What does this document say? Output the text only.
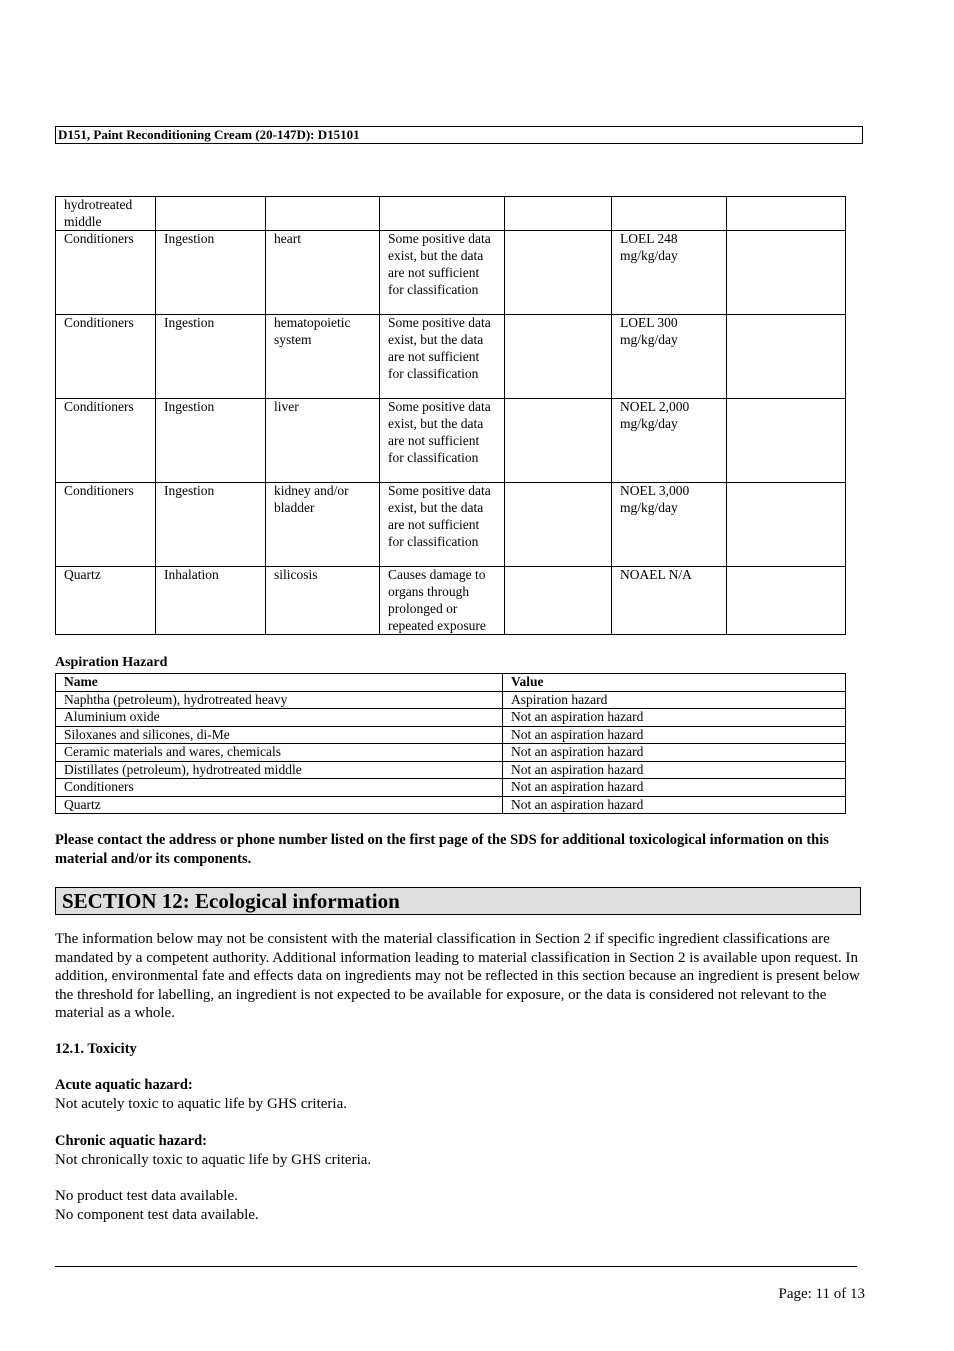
D151, Paint Reconditioning Cream (20-147D): D15101
hydrotreated middle						
Conditioners	Ingestion	heart	Some positive data exist, but the data are not sufficient for classification		LOEL 248 mg/kg/day	
Conditioners	Ingestion	hematopoietic system	Some positive data exist, but the data are not sufficient for classification		LOEL 300 mg/kg/day	
Conditioners	Ingestion	liver	Some positive data exist, but the data are not sufficient for classification		NOEL 2,000 mg/kg/day	
Conditioners	Ingestion	kidney and/or bladder	Some positive data exist, but the data are not sufficient for classification		NOEL 3,000 mg/kg/day	
Quartz	Inhalation	silicosis	Causes damage to organs through prolonged or repeated exposure		NOAEL N/A	
Aspiration Hazard
Name	Value
Naphtha (petroleum), hydrotreated heavy	Aspiration hazard
Aluminium oxide	Not an aspiration hazard
Siloxanes and silicones, di-Me	Not an aspiration hazard
Ceramic materials and wares, chemicals	Not an aspiration hazard
Distillates (petroleum), hydrotreated middle	Not an aspiration hazard
Conditioners	Not an aspiration hazard
Quartz	Not an aspiration hazard
Please contact the address or phone number listed on the first page of the SDS for additional toxicological information on this material and/or its components.
SECTION 12: Ecological information
The information below may not be consistent with the material classification in Section 2 if specific ingredient classifications are mandated by a competent authority. Additional information leading to material classification in Section 2 is available upon request. In addition, environmental fate and effects data on ingredients may not be reflected in this section because an ingredient is present below the threshold for labelling, an ingredient is not expected to be available for exposure, or the data is considered not relevant to the material as a whole.
12.1. Toxicity
Acute aquatic hazard:
Not acutely toxic to aquatic life by GHS criteria.
Chronic aquatic hazard:
Not chronically toxic to aquatic life by GHS criteria.
No product test data available.
No component test data available.
Page: 11 of 13
